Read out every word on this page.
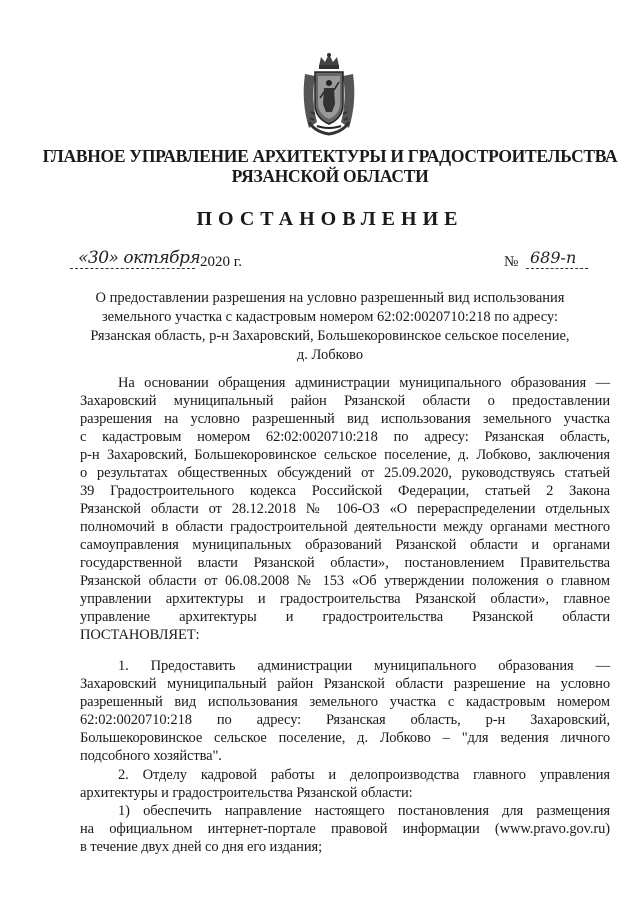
ГЛАВНОЕ УПРАВЛЕНИЕ АРХИТЕКТУРЫ И ГРАДОСТРОИТЕЛЬСТВА
РЯЗАНСКОЙ ОБЛАСТИ
ПОСТАНОВЛЕНИЕ
«30» октября 2020 г.	№ 689-п
О предоставлении разрешения на условно разрешенный вид использования
земельного участка с кадастровым номером 62:02:0020710:218 по адресу:
Рязанская область, р-н Захаровский, Большекоровинское сельское поселение,
д. Лобково
На основании обращения администрации муниципального образования —
Захаровский муниципальный район Рязанской области о предоставлении
разрешения на условно разрешенный вид использования земельного участка
с кадастровым номером 62:02:0020710:218 по адресу: Рязанская область,
р-н Захаровский, Большекоровинское сельское поселение, д. Лобково, заключения
о результатах общественных обсуждений от 25.09.2020, руководствуясь статьей
39 Градостроительного кодекса Российской Федерации, статьей 2 Закона
Рязанской области от 28.12.2018 № 106-ОЗ «О перераспределении отдельных
полномочий в области градостроительной деятельности между органами местного
самоуправления муниципальных образований Рязанской области и органами
государственной власти Рязанской области», постановлением Правительства
Рязанской области от 06.08.2008 № 153 «Об утверждении положения о главном
управлении архитектуры и градостроительства Рязанской области», главное
управление архитектуры и градостроительства Рязанской области
ПОСТАНОВЛЯЕТ:
1. Предоставить администрации муниципального образования —
Захаровский муниципальный район Рязанской области разрешение на условно
разрешенный вид использования земельного участка с кадастровым номером
62:02:0020710:218 по адресу: Рязанская область, р-н Захаровский,
Большекоровинское сельское поселение, д. Лобково – "для ведения личного
подсобного хозяйства".
2. Отделу кадровой работы и делопроизводства главного управления
архитектуры и градостроительства Рязанской области:
1) обеспечить направление настоящего постановления для размещения
на официальном интернет-портале правовой информации (www.pravo.gov.ru)
в течение двух дней со дня его издания;
